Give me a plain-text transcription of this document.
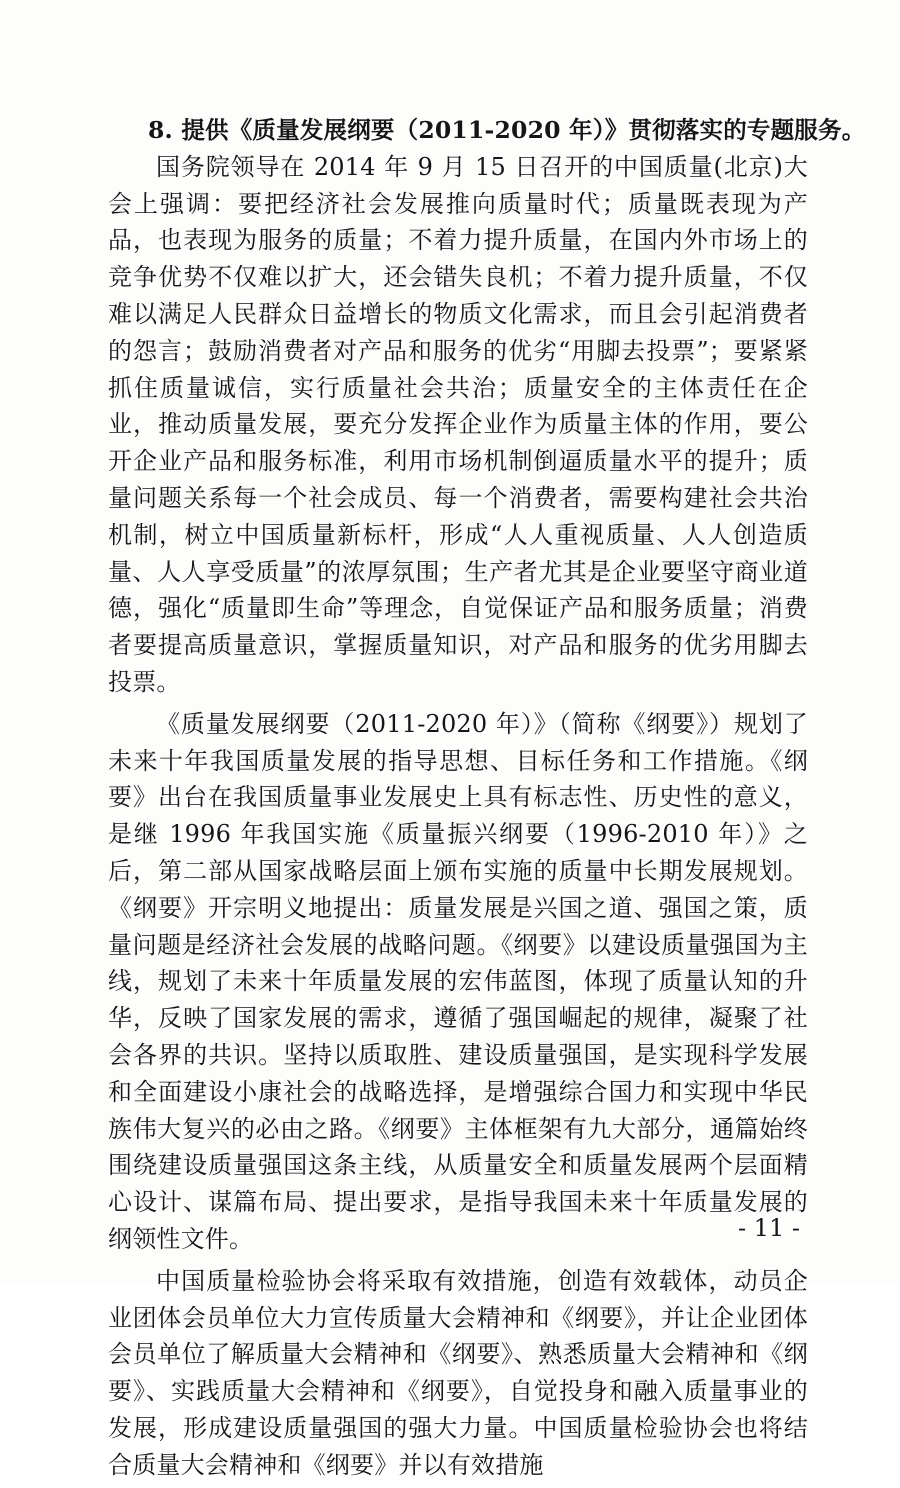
8. 提供《质量发展纲要（2011-2020 年）》贯彻落实的专题服务。

国务院领导在 2014 年 9 月 15 日召开的中国质量(北京)大会上强调：要把经济社会发展推向质量时代；质量既表现为产品，也表现为服务的质量；不着力提升质量，在国内外市场上的竞争优势不仅难以扩大，还会错失良机；不着力提升质量，不仅难以满足人民群众日益增长的物质文化需求，而且会引起消费者的怨言；鼓励消费者对产品和服务的优劣“用脚去投票”；要紧紧抓住质量诚信，实行质量社会共治；质量安全的主体责任在企业，推动质量发展，要充分发挥企业作为质量主体的作用，要公开企业产品和服务标准，利用市场机制倒逼质量水平的提升；质量问题关系每一个社会成员、每一个消费者，需要构建社会共治机制，树立中国质量新标杆，形成“人人重视质量、人人创造质量、人人享受质量”的浓厚氛围；生产者尤其是企业要坚守商业道德，强化“质量即生命”等理念，自觉保证产品和服务质量；消费者要提高质量意识，掌握质量知识，对产品和服务的优劣用脚去投票。

《质量发展纲要（2011-2020 年）》（简称《纲要》）规划了未来十年我国质量发展的指导思想、目标任务和工作措施。《纲要》出台在我国质量事业发展史上具有标志性、历史性的意义，是继 1996 年我国实施《质量振兴纲要（1996-2010 年）》之后，第二部从国家战略层面上颁布实施的质量中长期发展规划。《纲要》开宗明义地提出：质量发展是兴国之道、强国之策，质量问题是经济社会发展的战略问题。《纲要》以建设质量强国为主线，规划了未来十年质量发展的宏伟蓝图，体现了质量认知的升华，反映了国家发展的需求，遵循了强国崛起的规律，凝聚了社会各界的共识。坚持以质取胜、建设质量强国，是实现科学发展和全面建设小康社会的战略选择，是增强综合国力和实现中华民族伟大复兴的必由之路。《纲要》主体框架有九大部分，通篇始终围绕建设质量强国这条主线，从质量安全和质量发展两个层面精心设计、谋篇布局、提出要求，是指导我国未来十年质量发展的纲领性文件。

中国质量检验协会将采取有效措施，创造有效载体，动员企业团体会员单位大力宣传质量大会精神和《纲要》，并让企业团体会员单位了解质量大会精神和《纲要》、熟悉质量大会精神和《纲要》、实践质量大会精神和《纲要》，自觉投身和融入质量事业的发展，形成建设质量强国的强大力量。中国质量检验协会也将结合质量大会精神和《纲要》并以有效措施

- 11 -
